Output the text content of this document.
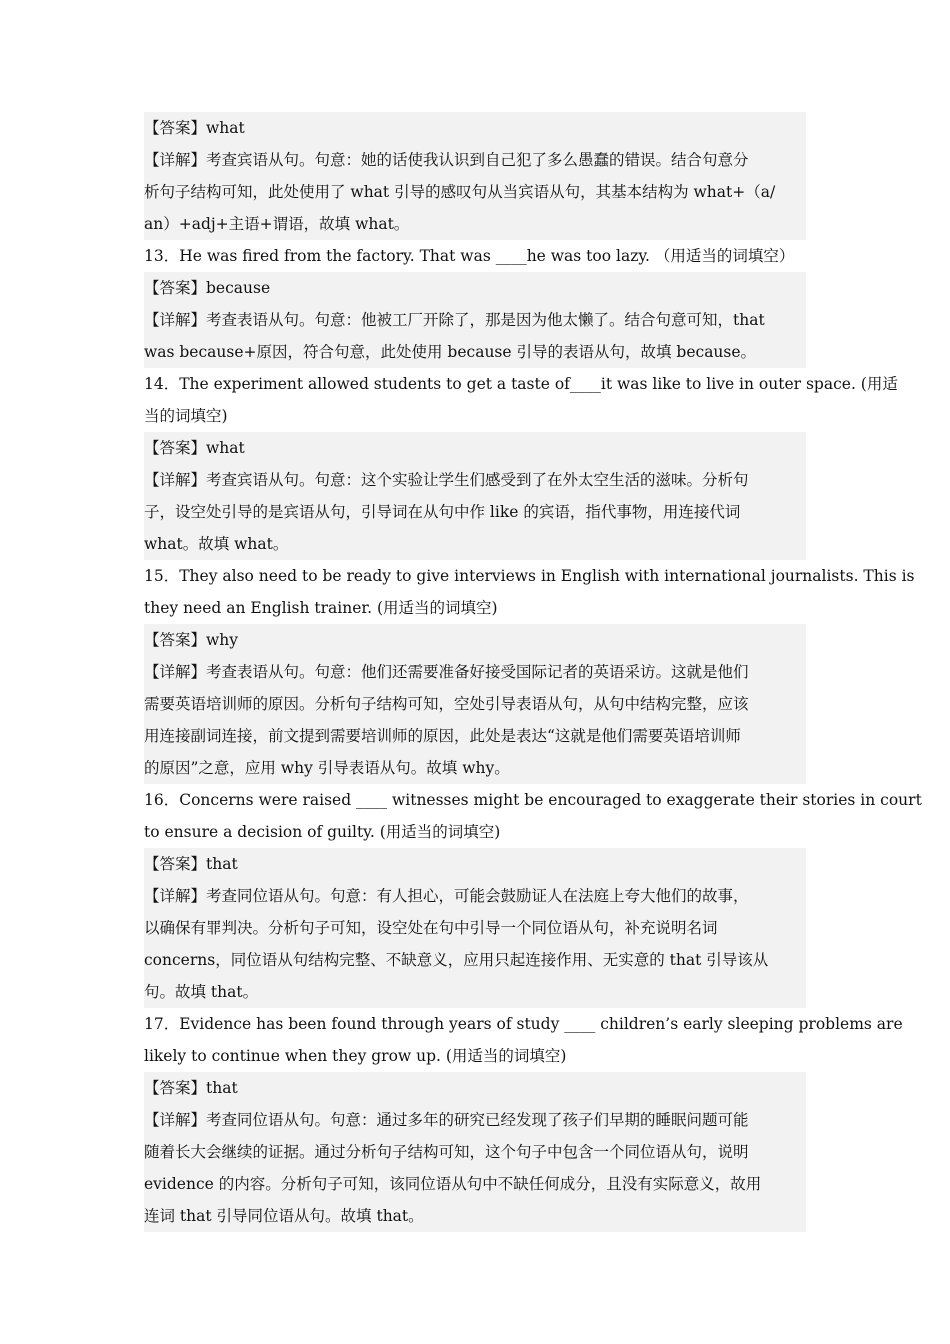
【答案】what
【详解】考查宾语从句。句意：她的话使我认识到自己犯了多么愚蠢的错误。结合句意分
析句子结构可知，此处使用了 what 引导的感叹句从当宾语从句，其基本结构为 what+（a/
an）+adj+主语+谓语，故填 what。
13．He was fired from the factory. That was ____he was too lazy. （用适当的词填空）
【答案】because
【详解】考查表语从句。句意：他被工厂开除了，那是因为他太懒了。结合句意可知，that
was because+原因，符合句意，此处使用 because 引导的表语从句，故填 because。
14．The experiment allowed students to get a taste of____it was like to live in outer space. (用适
当的词填空)
【答案】what
【详解】考查宾语从句。句意：这个实验让学生们感受到了在外太空生活的滋味。分析句
子，设空处引导的是宾语从句，引导词在从句中作 like 的宾语，指代事物，用连接代词
what。故填 what。
15．They also need to be ready to give interviews in English with international journalists. This is
they need an English trainer. (用适当的词填空)
【答案】why
【详解】考查表语从句。句意：他们还需要准备好接受国际记者的英语采访。这就是他们
需要英语培训师的原因。分析句子结构可知，空处引导表语从句，从句中结构完整，应该
用连接副词连接，前文提到需要培训师的原因，此处是表达“这就是他们需要英语培训师
的原因”之意，应用 why 引导表语从句。故填 why。
16．Concerns were raised ____ witnesses might be encouraged to exaggerate their stories in court
to ensure a decision of guilty. (用适当的词填空)
【答案】that
【详解】考查同位语从句。句意：有人担心，可能会鼓励证人在法庭上夸大他们的故事，
以确保有罪判决。分析句子可知，设空处在句中引导一个同位语从句，补充说明名词
concerns，同位语从句结构完整、不缺意义，应用只起连接作用、无实意的 that 引导该从
句。故填 that。
17．Evidence has been found through years of study ____ children’s early sleeping problems are
likely to continue when they grow up. (用适当的词填空)
【答案】that
【详解】考查同位语从句。句意：通过多年的研究已经发现了孩子们早期的睡眠问题可能
随着长大会继续的证据。通过分析句子结构可知，这个句子中包含一个同位语从句，说明
evidence 的内容。分析句子可知，该同位语从句中不缺任何成分，且没有实际意义，故用
连词 that 引导同位语从句。故填 that。
